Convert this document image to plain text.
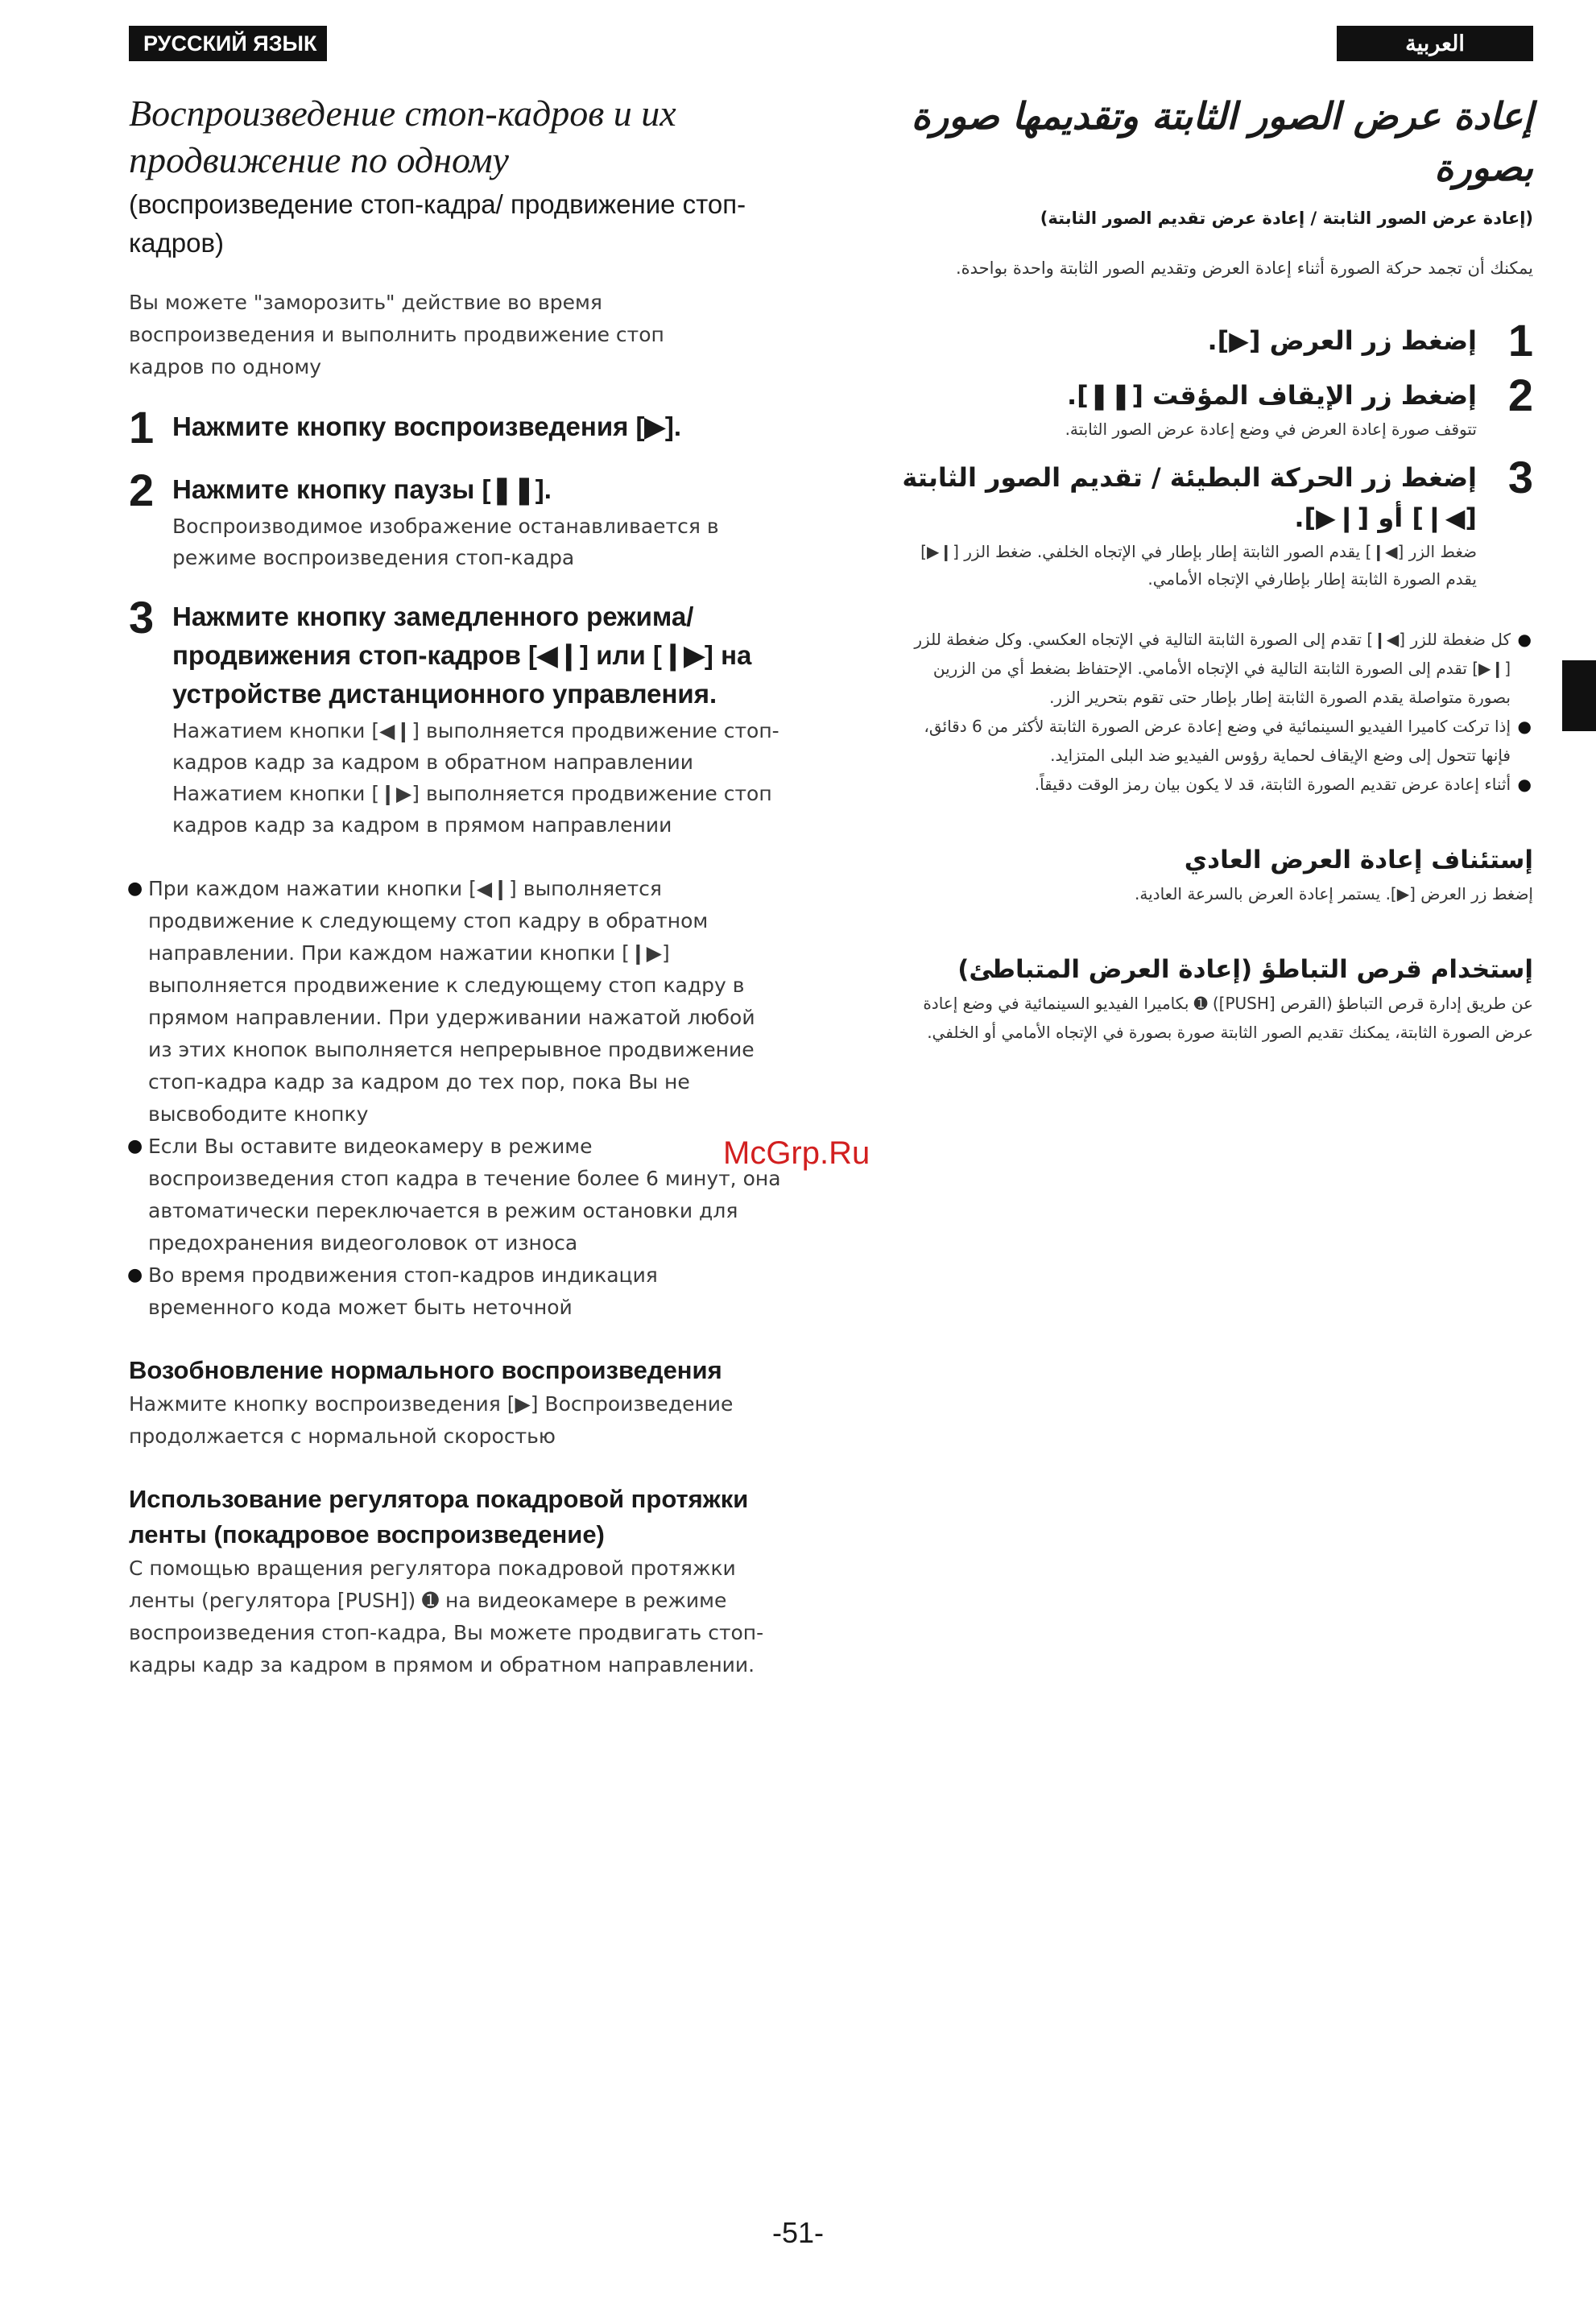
РУССКИЙ ЯЗЫК	العربية
Воспроизведение стоп-кадров и их продвижение по одному
(воспроизведение стоп-кадра/ продвижение стоп-кадров)

Вы можете "заморозить" действие во время воспроизведения и выполнить продвижение стоп кадров по одному

1 Нажмите кнопку воспроизведения [▶].
2 Нажмите кнопку паузы [❚❚].
Воспроизводимое изображение останавливается в режиме воспроизведения стоп-кадра
3 Нажмите кнопку замедленного режима/ продвижения стоп-кадров [◀❙] или [❙▶] на устройстве дистанционного управления.
Нажатием кнопки [◀❙] выполняется продвижение стоп-кадров кадр за кадром в обратном направлении Нажатием кнопки [❙▶] выполняется продвижение стоп кадров кадр за кадром в прямом направлении
● При каждом нажатии кнопки [◀❙] выполняется продвижение к следующему стоп кадру в обратном направлении. При каждом нажатии кнопки [❙▶] выполняется продвижение к следующему стоп кадру в прямом направлении. При удерживании нажатой любой из этих кнопок выполняется непрерывное продвижение стоп-кадра кадр за кадром до тех пор, пока Вы не высвободите кнопку
● Если Вы оставите видеокамеру в режиме воспроизведения стоп кадра в течение более 6 минут, она автоматически переключается в режим остановки для предохранения видеоголовок от износа
● Во время продвижения стоп-кадров индикация временного кода может быть неточной
Возобновление нормального воспроизведения
Нажмите кнопку воспроизведения [▶] Воспроизведение продолжается с нормальной скоростью
Использование регулятора покадровой протяжки ленты (покадровое воспроизведение)
С помощью вращения регулятора покадровой протяжки ленты (регулятора [PUSH]) ➊ на видеокамере в режиме воспроизведения стоп-кадра, Вы можете продвигать стоп-кадры кадр за кадром в прямом и обратном направлении.
إعادة عرض الصور الثابتة وتقديمها صورة بصورة
(إعادة عرض الصور الثابتة / إعادة عرض تقديم الصور الثابتة)
يمكنك أن تجمد حركة الصورة أثناء إعادة العرض وتقديم الصور الثابتة واحدة بواحدة.
1
إضغط زر العرض [▶].
2
إضغط زر الإيقاف المؤقت [❚❚].
تتوقف صورة إعادة العرض في وضع إعادة عرض الصور الثابتة.
3
إضغط زر الحركة البطيئة / تقديم الصور الثابتة [◀❙] أو [❙▶].
ضغط الزر [◀❙] يقدم الصور الثابتة إطار بإطار في الإتجاه الخلفي. ضغط الزر [❙▶] يقدم الصورة الثابتة إطار بإطارفي الإتجاه الأمامي.
● كل ضغطة للزر [◀❙] تقدم إلى الصورة الثابتة التالية في الإتجاه العكسي. وكل ضغطة للزر [❙▶] تقدم إلى الصورة الثابتة التالية في الإتجاه الأمامي. الإحتفاظ بضغط أي من الزرين بصورة متواصلة يقدم الصورة الثابتة إطار بإطار حتى تقوم بتحرير الزر.
● إذا تركت كاميرا الفيديو السينمائية في وضع إعادة عرض الصورة الثابتة لأكثر من 6 دقائق، فإنها تتحول إلى وضع الإيقاف لحماية رؤوس الفيديو ضد البلى المتزايد.
● أثناء إعادة عرض تقديم الصورة الثابتة، قد لا يكون بيان رمز الوقت دقيقاً.
إستئناف إعادة العرض العادي
إضغط زر العرض [▶]. يستمر إعادة العرض بالسرعة العادية.
إستخدام قرص التباطؤ (إعادة العرض المتباطئ)
عن طريق إدارة قرص التباطؤ (القرص [PUSH]) ➊ بكاميرا الفيديو السينمائية في وضع إعادة عرض الصورة الثابتة، يمكنك تقديم الصور الثابتة صورة بصورة في الإتجاه الأمامي أو الخلفي.
McGrp.Ru
-51-
